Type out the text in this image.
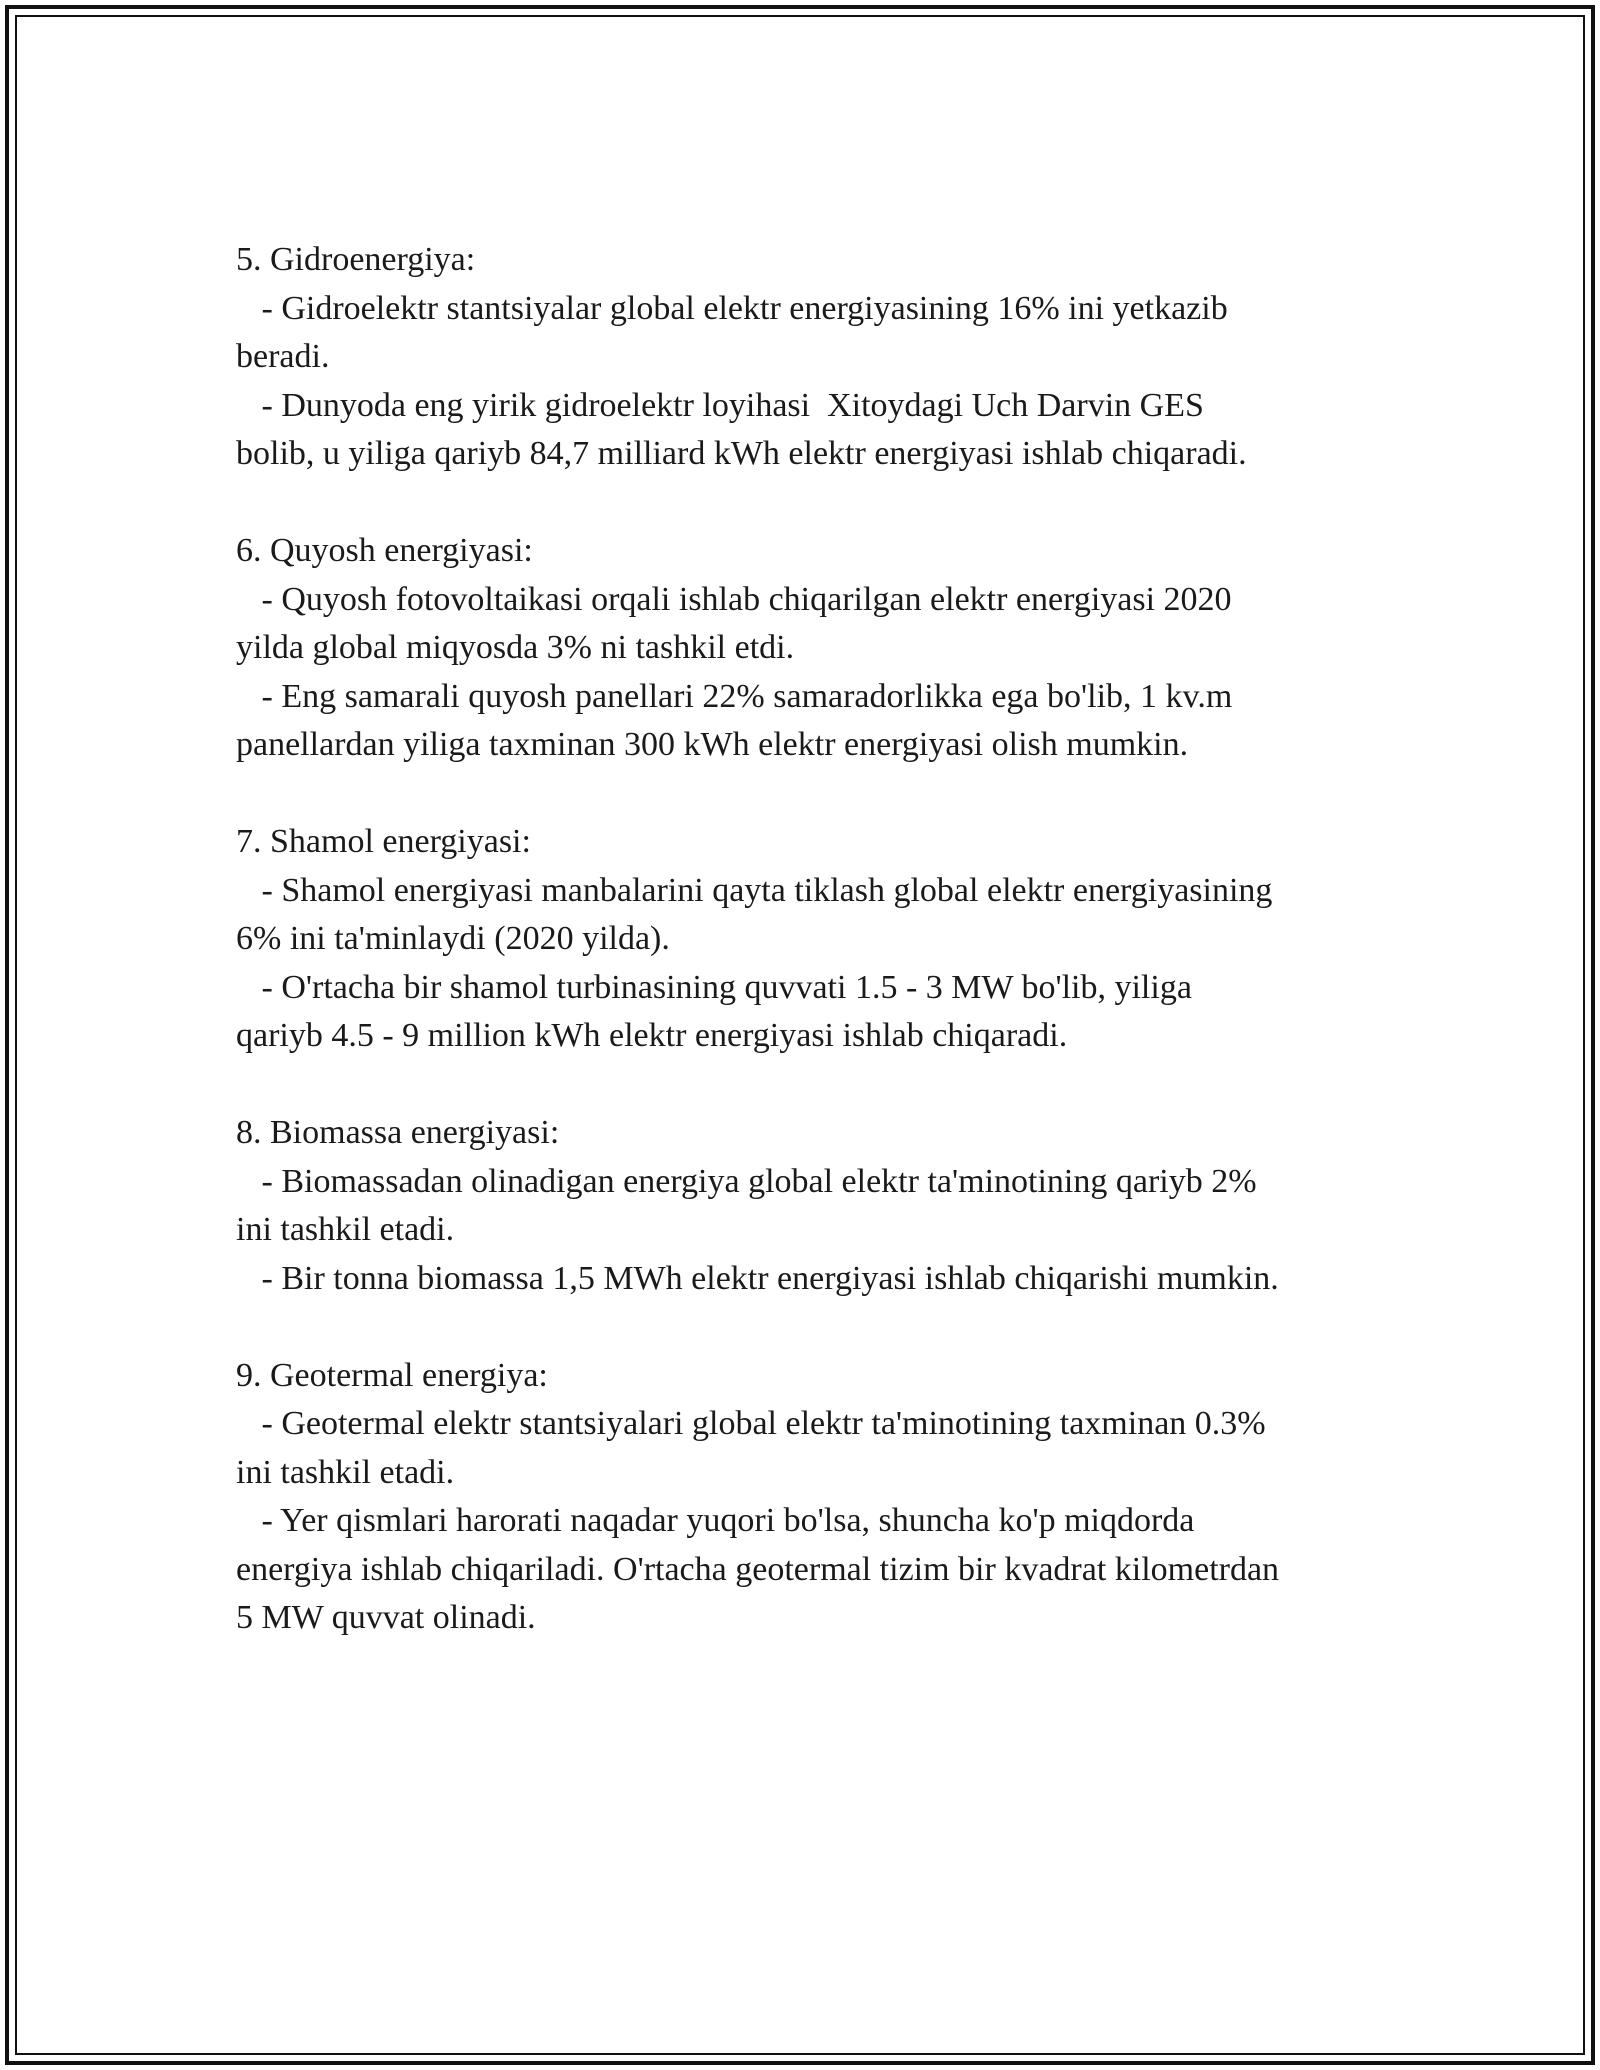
5. Gidroenergiya:

- Gidroelektr stantsiyalar global elektr energiyasining 16% ini yetkazib
beradi.

- Dunyoda eng yirik gidroelektr loyihasi  Xitoydagi Uch Darvin GES
bolib, u yiliga qariyb 84,7 milliard kWh elektr energiyasi ishlab chiqaradi.

6. Quyosh energiyasi:

- Quyosh fotovoltaikasi orqali ishlab chiqarilgan elektr energiyasi 2020
yilda global miqyosda 3% ni tashkil etdi.

- Eng samarali quyosh panellari 22% samaradorlikka ega bo'lib, 1 kv.m
panellardan yiliga taxminan 300 kWh elektr energiyasi olish mumkin.

7. Shamol energiyasi:

- Shamol energiyasi manbalarini qayta tiklash global elektr energiyasining
6% ini ta'minlaydi (2020 yilda).

- O'rtacha bir shamol turbinasining quvvati 1.5 - 3 MW bo'lib, yiliga
qariyb 4.5 - 9 million kWh elektr energiyasi ishlab chiqaradi.

8. Biomassa energiyasi:

- Biomassadan olinadigan energiya global elektr ta'minotining qariyb 2%
ini tashkil etadi.

- Bir tonna biomassa 1,5 MWh elektr energiyasi ishlab chiqarishi mumkin.

9. Geotermal energiya:

- Geotermal elektr stantsiyalari global elektr ta'minotining taxminan 0.3%
ini tashkil etadi.

- Yer qismlari harorati naqadar yuqori bo'lsa, shuncha ko'p miqdorda
energiya ishlab chiqariladi. O'rtacha geotermal tizim bir kvadrat kilometrdan
5 MW quvvat olinadi.
